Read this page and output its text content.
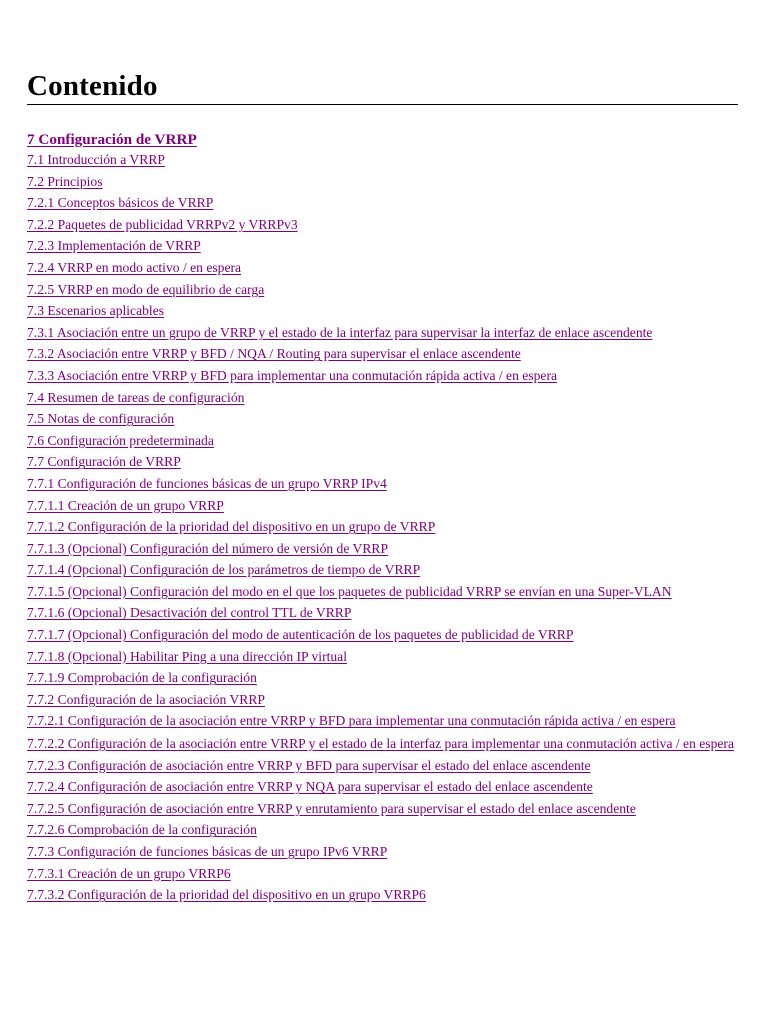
Contenido
7 Configuración de VRRP
7.1 Introducción a VRRP
7.2 Principios
7.2.1 Conceptos básicos de VRRP
7.2.2 Paquetes de publicidad VRRPv2 y VRRPv3
7.2.3 Implementación de VRRP
7.2.4 VRRP en modo activo / en espera
7.2.5 VRRP en modo de equilibrio de carga
7.3 Escenarios aplicables
7.3.1 Asociación entre un grupo de VRRP y el estado de la interfaz para supervisar la interfaz de enlace ascendente
7.3.2 Asociación entre VRRP y BFD / NQA / Routing para supervisar el enlace ascendente
7.3.3 Asociación entre VRRP y BFD para implementar una conmutación rápida activa / en espera
7.4 Resumen de tareas de configuración
7.5 Notas de configuración
7.6 Configuración predeterminada
7.7 Configuración de VRRP
7.7.1 Configuración de funciones básicas de un grupo VRRP IPv4
7.7.1.1 Creación de un grupo VRRP
7.7.1.2 Configuración de la prioridad del dispositivo en un grupo de VRRP
7.7.1.3 (Opcional) Configuración del número de versión de VRRP
7.7.1.4 (Opcional) Configuración de los parámetros de tiempo de VRRP
7.7.1.5 (Opcional) Configuración del modo en el que los paquetes de publicidad VRRP se envían en una Super-VLAN
7.7.1.6 (Opcional) Desactivación del control TTL de VRRP
7.7.1.7 (Opcional) Configuración del modo de autenticación de los paquetes de publicidad de VRRP
7.7.1.8 (Opcional) Habilitar Ping a una dirección IP virtual
7.7.1.9 Comprobación de la configuración
7.7.2 Configuración de la asociación VRRP
7.7.2.1 Configuración de la asociación entre VRRP y BFD para implementar una conmutación rápida activa / en espera
7.7.2.2 Configuración de la asociación entre VRRP y el estado de la interfaz para implementar una conmutación activa / en espera
7.7.2.3 Configuración de asociación entre VRRP y BFD para supervisar el estado del enlace ascendente
7.7.2.4 Configuración de asociación entre VRRP y NQA para supervisar el estado del enlace ascendente
7.7.2.5 Configuración de asociación entre VRRP y enrutamiento para supervisar el estado del enlace ascendente
7.7.2.6 Comprobación de la configuración
7.7.3 Configuración de funciones básicas de un grupo IPv6 VRRP
7.7.3.1 Creación de un grupo VRRP6
7.7.3.2 Configuración de la prioridad del dispositivo en un grupo VRRP6
